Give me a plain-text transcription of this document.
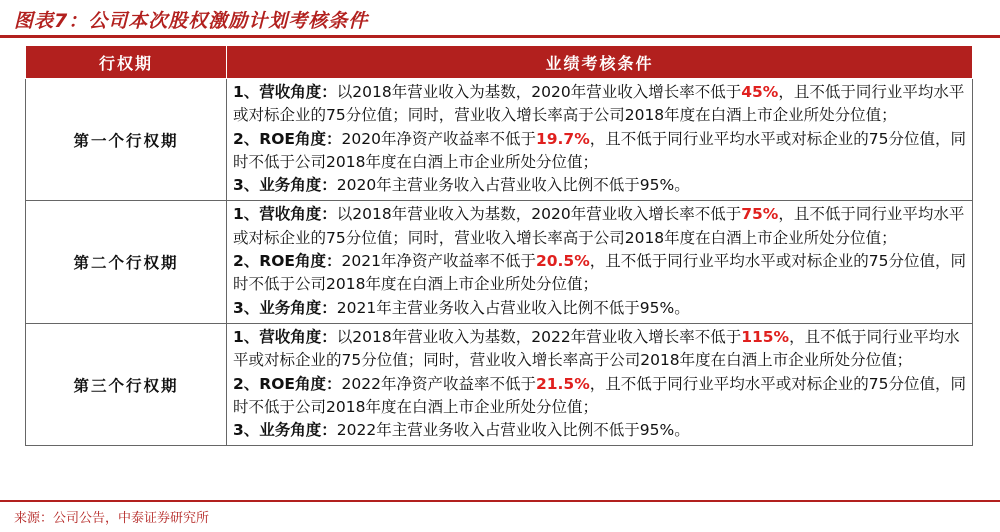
图表7：公司本次股权激励计划考核条件
行权期	业绩考核条件
第一个行权期	1、营收角度：以2018年营业收入为基数，2020年营业收入增长率不低于45%，且不低于同行业平均水平或对标企业的75分位值；同时，营业收入增长率高于公司2018年度在白酒上市企业所处分位值；

2、ROE角度：2020年净资产收益率不低于19.7%，且不低于同行业平均水平或对标企业的75分位值，同时不低于公司2018年度在白酒上市企业所处分位值；

3、业务角度：2020年主营业务收入占营业收入比例不低于95%。

第二个行权期	1、营收角度：以2018年营业收入为基数，2020年营业收入增长率不低于75%，且不低于同行业平均水平或对标企业的75分位值；同时，营业收入增长率高于公司2018年度在白酒上市企业所处分位值；

2、ROE角度：2021年净资产收益率不低于20.5%，且不低于同行业平均水平或对标企业的75分位值，同时不低于公司2018年度在白酒上市企业所处分位值；

3、业务角度：2021年主营业务收入占营业收入比例不低于95%。

第三个行权期	1、营收角度：以2018年营业收入为基数，2022年营业收入增长率不低于115%，且不低于同行业平均水平或对标企业的75分位值；同时，营业收入增长率高于公司2018年度在白酒上市企业所处分位值；

2、ROE角度：2022年净资产收益率不低于21.5%，且不低于同行业平均水平或对标企业的75分位值，同时不低于公司2018年度在白酒上市企业所处分位值；

3、业务角度：2022年主营业务收入占营业收入比例不低于95%。

来源：公司公告，中泰证券研究所
